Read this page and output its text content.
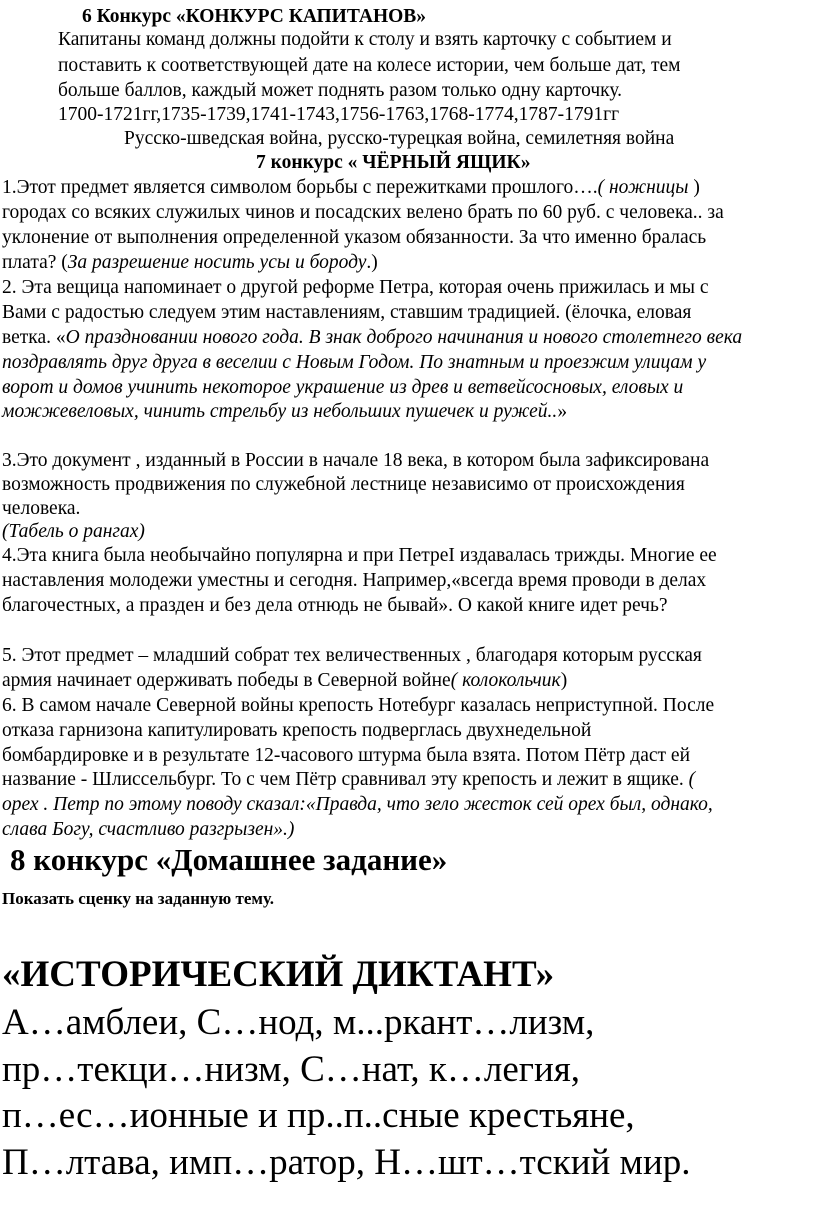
6 Конкурс «КОНКУРС КАПИТАНОВ»
Капитаны команд должны подойти к столу и взять карточку с событием и
поставить к соответствующей дате на колесе истории, чем больше дат, тем
больше баллов, каждый может поднять разом только одну карточку.
1700-1721гг,1735-1739,1741-1743,1756-1763,1768-1774,1787-1791гг
Русско-шведская война, русско-турецкая война, семилетняя война
7 конкурс « ЧЁРНЫЙ ЯЩИК»
1.Этот предмет является символом борьбы с пережитками прошлого….( ножницы )
городах со всяких служилых чинов и посадских велено брать по 60 руб. с человека.. за
уклонение от выполнения определенной указом обязанности. За что именно бралась
плата? (За разрешение носить усы и бороду.)
2. Эта вещица напоминает о другой реформе Петра, которая очень прижилась и мы с
Вами с радостью следуем этим наставлениям, ставшим традицией. (ёлочка, еловая
ветка. «О праздновании нового года. В знак доброго начинания и нового столетнего века
поздравлять друг друга в веселии с Новым Годом. По знатным и проезжим улицам у
ворот и домов учинить некоторое украшение из древ и ветвейсосновых, еловых и
можжевеловых, чинить стрельбу из небольших пушечек и ружей..»
3.Это документ , изданный в России в начале 18 века, в котором была зафиксирована
возможность продвижения по служебной лестнице независимо от происхождения
человека.
(Табель о рангах)
4.Эта книга была необычайно популярна и при ПетреI издавалась трижды. Многие ее
наставления молодежи уместны и сегодня. Например,«всегда время проводи в делах
благочестных, а празден и без дела отнюдь не бывай». О какой книге идет речь?
5. Этот предмет – младший собрат тех величественных , благодаря которым русская
армия начинает одерживать победы в Северной войне( колокольчик)
6. В самом начале Северной войны крепость Нотебург казалась неприступной. После
отказа гарнизона капитулировать крепость подверглась двухнедельной
бомбардировке и в результате 12-часового штурма была взята. Потом Пётр даст ей
название - Шлиссельбург. То с чем Пётр сравнивал эту крепость и лежит в ящике. (
орех . Петр по этому поводу сказал:«Правда, что зело жесток сей орех был, однако,
слава Богу, счастливо разгрызен».)
8 конкурс «Домашнее задание»
Показать сценку на заданную тему.
«ИСТОРИЧЕСКИЙ ДИКТАНТ»
А…амблеи, С…нод, м...ркант…лизм,
пр…текци…низм, С…нат, к…легия,
п…ес…ионные и пр..п..сные крестьяне,
П…лтава, имп…ратор, Н…шт…тский мир.
